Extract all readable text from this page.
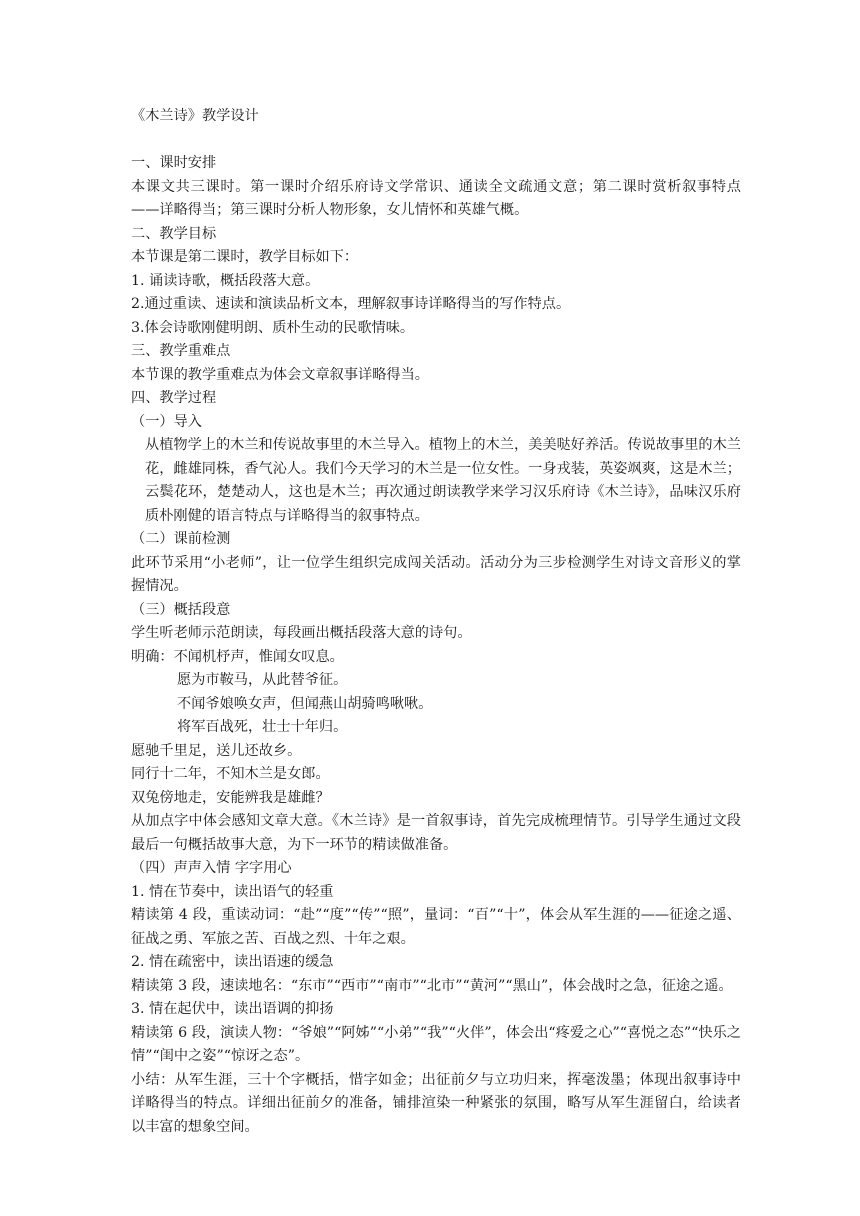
《木兰诗》教学设计
一、课时安排
本课文共三课时。第一课时介绍乐府诗文学常识、通读全文疏通文意；第二课时赏析叙事特点——详略得当；第三课时分析人物形象，女儿情怀和英雄气概。
二、教学目标
本节课是第二课时，教学目标如下：
1. 诵读诗歌，概括段落大意。
2.通过重读、速读和演读品析文本，理解叙事诗详略得当的写作特点。
3.体会诗歌刚健明朗、质朴生动的民歌情味。
三、教学重难点
本节课的教学重难点为体会文章叙事详略得当。
四、教学过程
（一）导入
从植物学上的木兰和传说故事里的木兰导入。植物上的木兰，美美哒好养活。传说故事里的木兰花，雌雄同株，香气沁人。我们今天学习的木兰是一位女性。一身戎装，英姿飒爽，这是木兰；云鬓花环，楚楚动人，这也是木兰；再次通过朗读教学来学习汉乐府诗《木兰诗》，品味汉乐府质朴刚健的语言特点与详略得当的叙事特点。
（二）课前检测
此环节采用“小老师”，让一位学生组织完成闯关活动。活动分为三步检测学生对诗文音形义的掌握情况。
（三）概括段意
学生听老师示范朗读，每段画出概括段落大意的诗句。
明确：不闻机杼声，惟闻女叹息。
愿为市鞍马，从此替爷征。
不闻爷娘唤女声，但闻燕山胡骑鸣啾啾。
将军百战死，壮士十年归。
愿驰千里足，送儿还故乡。
同行十二年，不知木兰是女郎。
双兔傍地走，安能辨我是雄雌？
从加点字中体会感知文章大意。《木兰诗》是一首叙事诗，首先完成梳理情节。引导学生通过文段最后一句概括故事大意，为下一环节的精读做准备。
（四）声声入情 字字用心
1. 情在节奏中，读出语气的轻重
精读第 4 段，重读动词：“赴”“度”“传”“照”，量词：“百”“十”，体会从军生涯的——征途之遥、征战之勇、军旅之苦、百战之烈、十年之艰。
2. 情在疏密中，读出语速的缓急
精读第 3 段，速读地名：“东市”“西市”“南市”“北市”“黄河”“黑山”，体会战时之急，征途之遥。
3. 情在起伏中，读出语调的抑扬
精读第 6 段，演读人物：“爷娘”“阿姊”“小弟”“我”“火伴”，体会出“疼爱之心”“喜悦之态”“快乐之情”“闺中之姿”“惊讶之态”。
小结：从军生涯，三十个字概括，惜字如金；出征前夕与立功归来，挥毫泼墨；体现出叙事诗中详略得当的特点。详细出征前夕的准备，铺排渲染一种紧张的氛围，略写从军生涯留白，给读者以丰富的想象空间。
